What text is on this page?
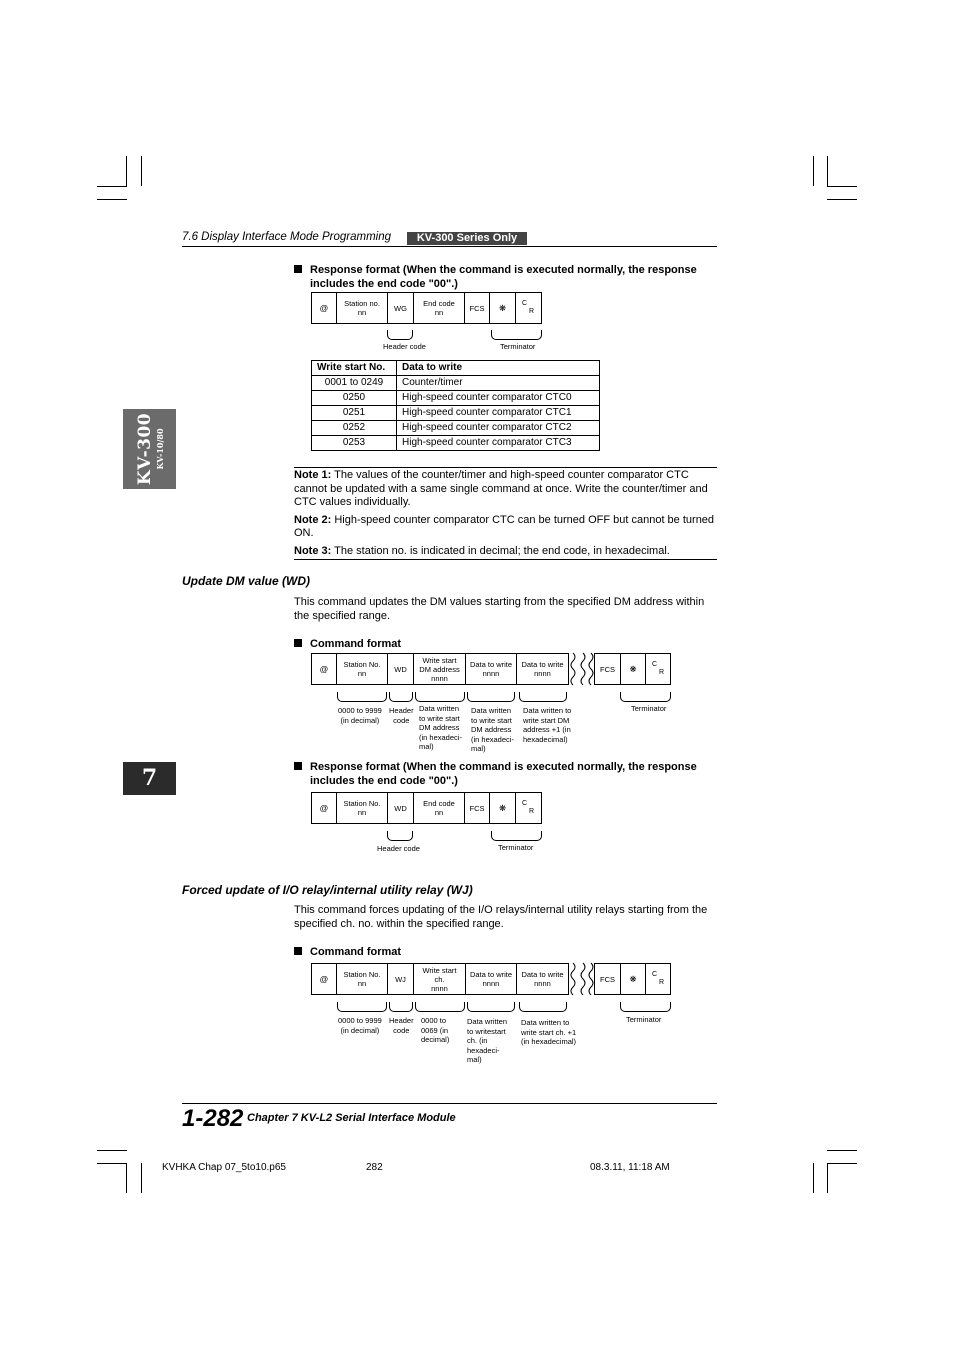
7.6 Display Interface Mode Programming	KV-300 Series Only
KV-300 KV-10/80
7
Response format (When the command is executed normally, the response includes the end code "00".)
@	Station no.
nn	WG	End code
nn	FCS	❋	C
R
Header code	Terminator
Write start No.	Data to write
0001 to 0249	Counter/timer
0250	High-speed counter comparator CTC0
0251	High-speed counter comparator CTC1
0252	High-speed counter comparator CTC2
0253	High-speed counter comparator CTC3

Note 1: The values of the counter/timer and high-speed counter comparator CTC cannot be updated with a same single command at once. Write the counter/timer and CTC values individually.

Note 2: High-speed counter comparator CTC can be turned OFF but cannot be turned ON.

Note 3: The station no. is indicated in decimal; the end code, in hexadecimal.

Update DM value (WD)
This command updates the DM values starting from the specified DM address within the specified range.
Command format
@	Station No.
nn	WD
Write start
DM address
nnnn
Data to write
nnnn
Data to write
nnnn	FCS	❋	C
R
0000 to 9999
(in decimal)
Header
code
Data written
to write start
DM address
(in hexadeci-
mal)
Data written
to write start
DM address
(in hexadeci-
mal)
Data written to
write start DM
address +1 (in
hexadecimal)
Terminator
Response format (When the command is executed normally, the response includes the end code "00".)
@	Station No.
nn	WD	End code
nn	FCS	❋	C
R
Header code	Terminator
Forced update of I/O relay/internal utility relay (WJ)
This command forces updating of the I/O relays/internal utility relays starting from the specified ch. no. within the specified range.
Command format
@	Station No.
nn	WJ
Write start
ch.
nnnn
Data to write
nnnn
Data to write
nnnn	FCS	❋	C
R
0000 to 9999
(in decimal)
Header
code
0000 to
0069 (in
decimal)
Data written
to writestart
ch. (in
hexadeci-
mal)
Data written to
write start ch. +1
(in hexadecimal)
Terminator
1-282 Chapter 7 KV-L2 Serial Interface Module
KVHKA Chap 07_5to10.p65	282	08.3.11, 11:18 AM
